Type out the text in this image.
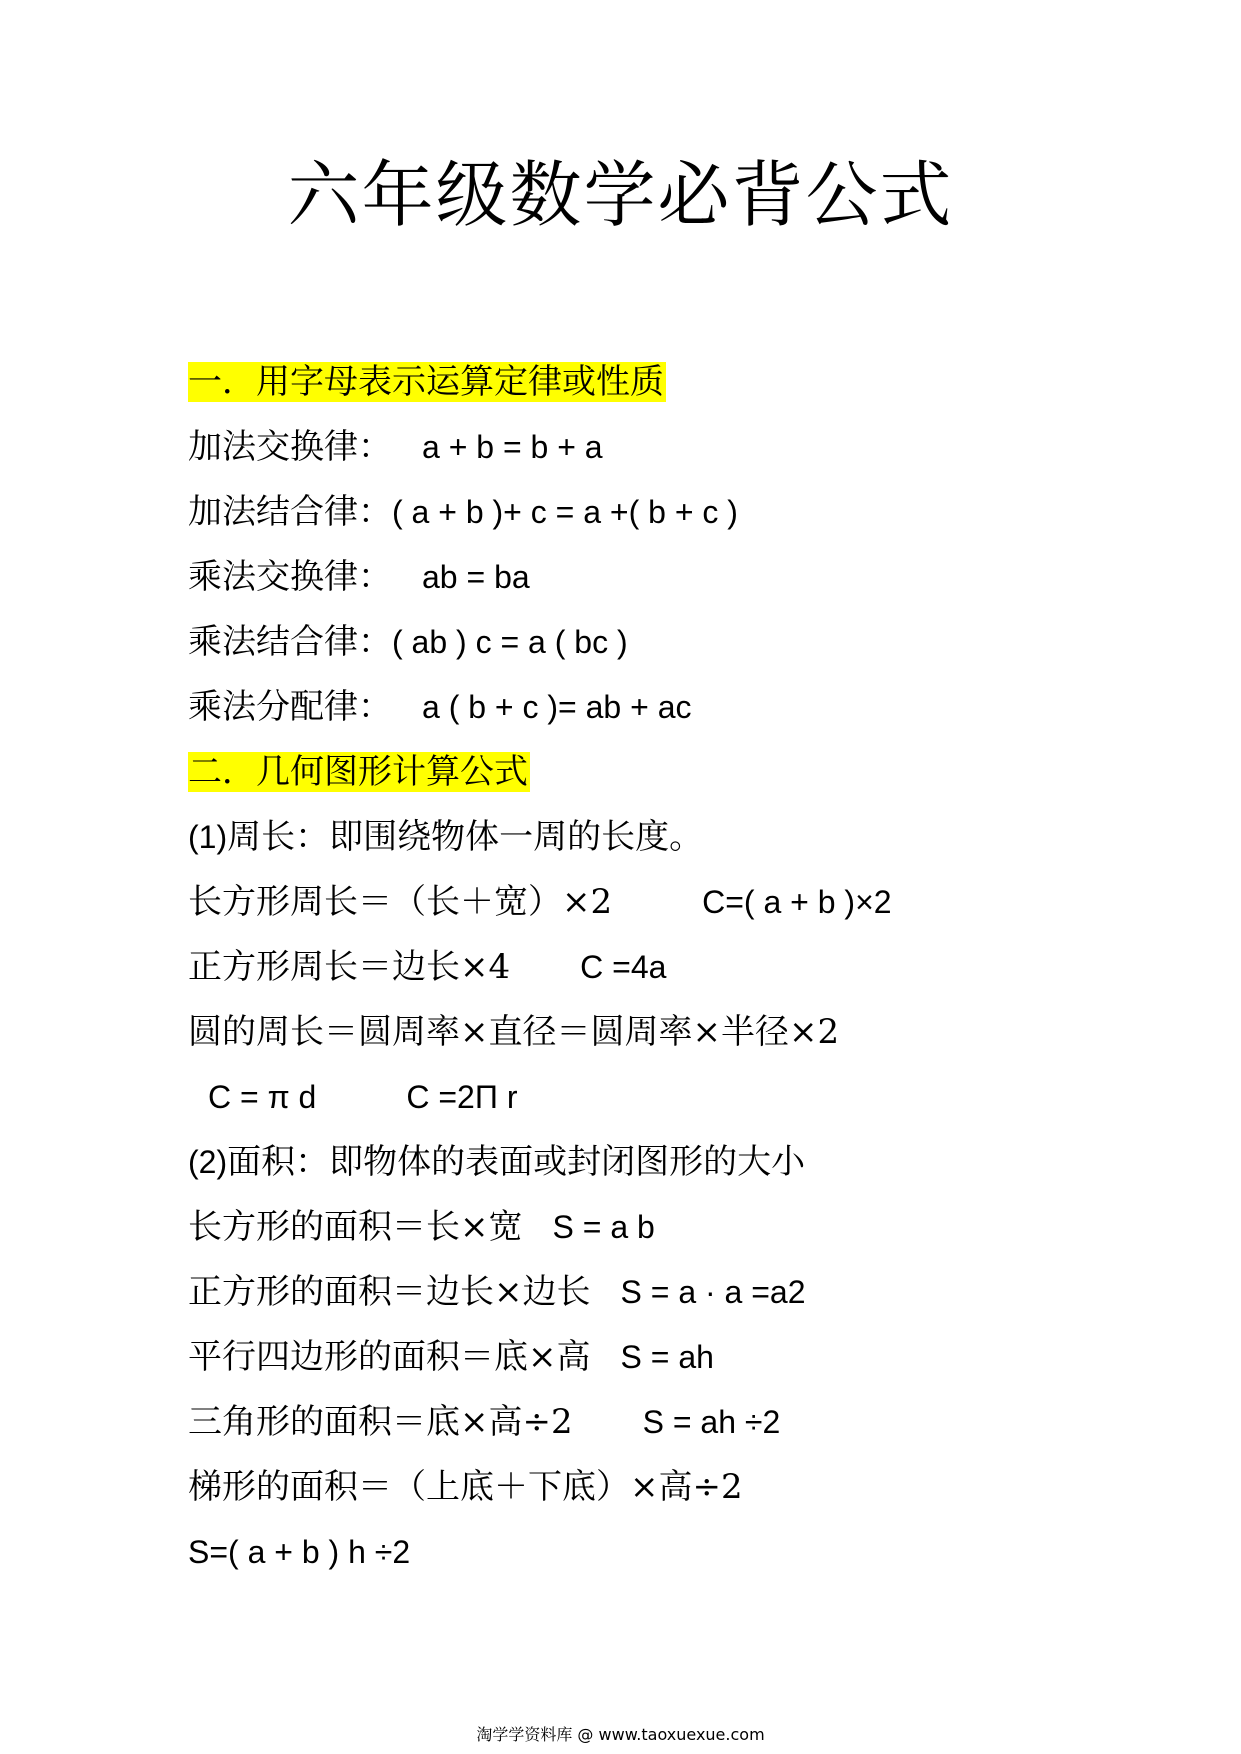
六年级数学必背公式
一．用字母表示运算定律或性质
加法交换律： a + b = b + a
加法结合律：( a + b )+ c = a +( b + c )
乘法交换律： ab = ba
乘法结合律：( ab ) c = a ( bc )
乘法分配律： a ( b + c )= ab + ac
二．几何图形计算公式
(1)周长：即围绕物体一周的长度。
长方形周长＝（长＋宽）×2	C=( a + b )×2
正方形周长＝边长×4 C =4a
圆的周长＝圆周率×直径＝圆周率×半径×2
C = π d	C =2Π r
(2)面积：即物体的表面或封闭图形的大小
长方形的面积＝长×宽 S = a b
正方形的面积＝边长×边长 S = a · a =a2
平行四边形的面积＝底×高 S = ah
三角形的面积＝底×高÷2 S = ah ÷2
梯形的面积＝（上底＋下底）×高÷2
S=( a + b ) h ÷2
淘学学资料库 @ www.taoxuexue.com
